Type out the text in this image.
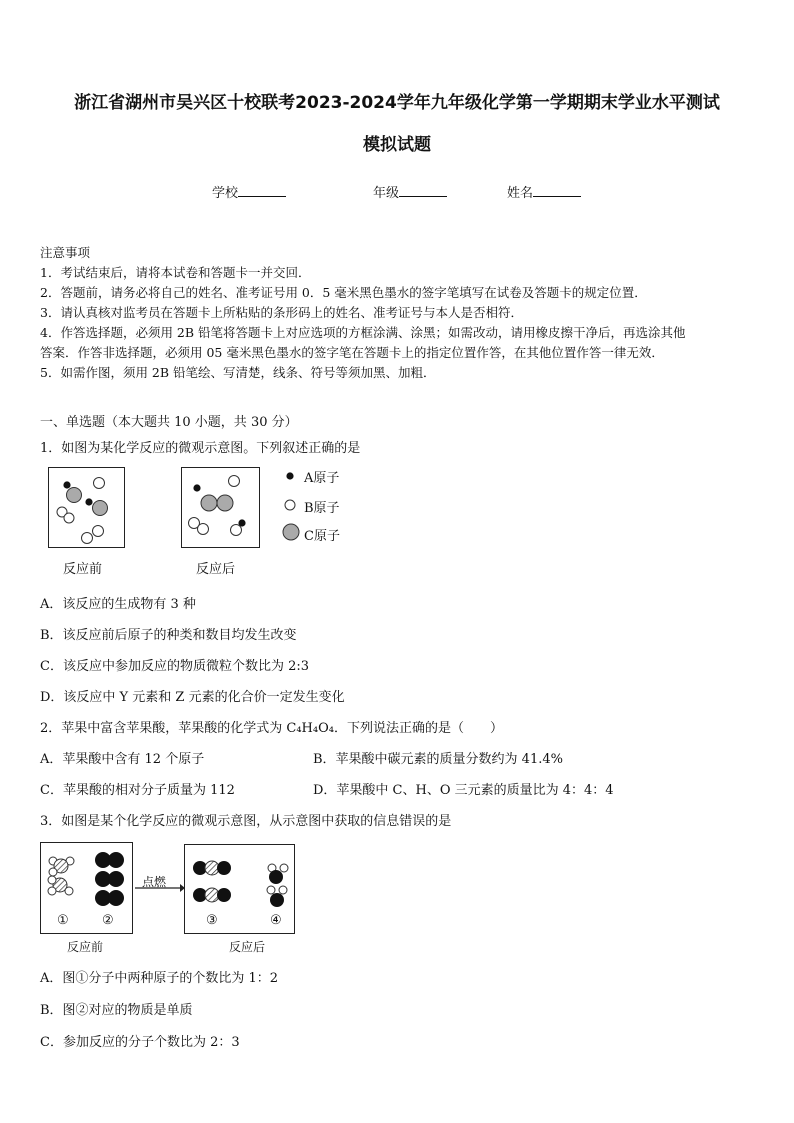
浙江省湖州市吴兴区十校联考2023-2024学年九年级化学第一学期期末学业水平测试
模拟试题
学校	年级	姓名
注意事项
1．考试结束后，请将本试卷和答题卡一并交回．
2．答题前，请务必将自己的姓名、准考证号用 0．5 毫米黑色墨水的签字笔填写在试卷及答题卡的规定位置．
3．请认真核对监考员在答题卡上所粘贴的条形码上的姓名、准考证号与本人是否相符．
4．作答选择题，必须用 2B 铅笔将答题卡上对应选项的方框涂满、涂黑；如需改动，请用橡皮擦干净后，再选涂其他
答案．作答非选择题，必须用 05 毫米黑色墨水的签字笔在答题卡上的指定位置作答，在其他位置作答一律无效．
5．如需作图，须用 2B 铅笔绘、写清楚，线条、符号等须加黑、加粗．
一、单选题（本大题共 10 小题，共 30 分）
1．如图为某化学反应的微观示意图。下列叙述正确的是
反应前	反应后
A原子
B原子
C原子
A．该反应的生成物有 3 种
B．该反应前后原子的种类和数目均发生改变
C．该反应中参加反应的物质微粒个数比为 2:3
D．该反应中 Y 元素和 Z 元素的化合价一定发生变化
2．苹果中富含苹果酸，苹果酸的化学式为 C₄H₄O₄．下列说法正确的是（　　）
A．苹果酸中含有 12 个原子	B．苹果酸中碳元素的质量分数约为 41.4%
C．苹果酸的相对分子质量为 112	D．苹果酸中 C、H、O 三元素的质量比为 4：4：4
3．如图是某个化学反应的微观示意图，从示意图中获取的信息错误的是
点燃
①	②	③	④
反应前	反应后
A．图①分子中两种原子的个数比为 1：2
B．图②对应的物质是单质
C．参加反应的分子个数比为 2：3
